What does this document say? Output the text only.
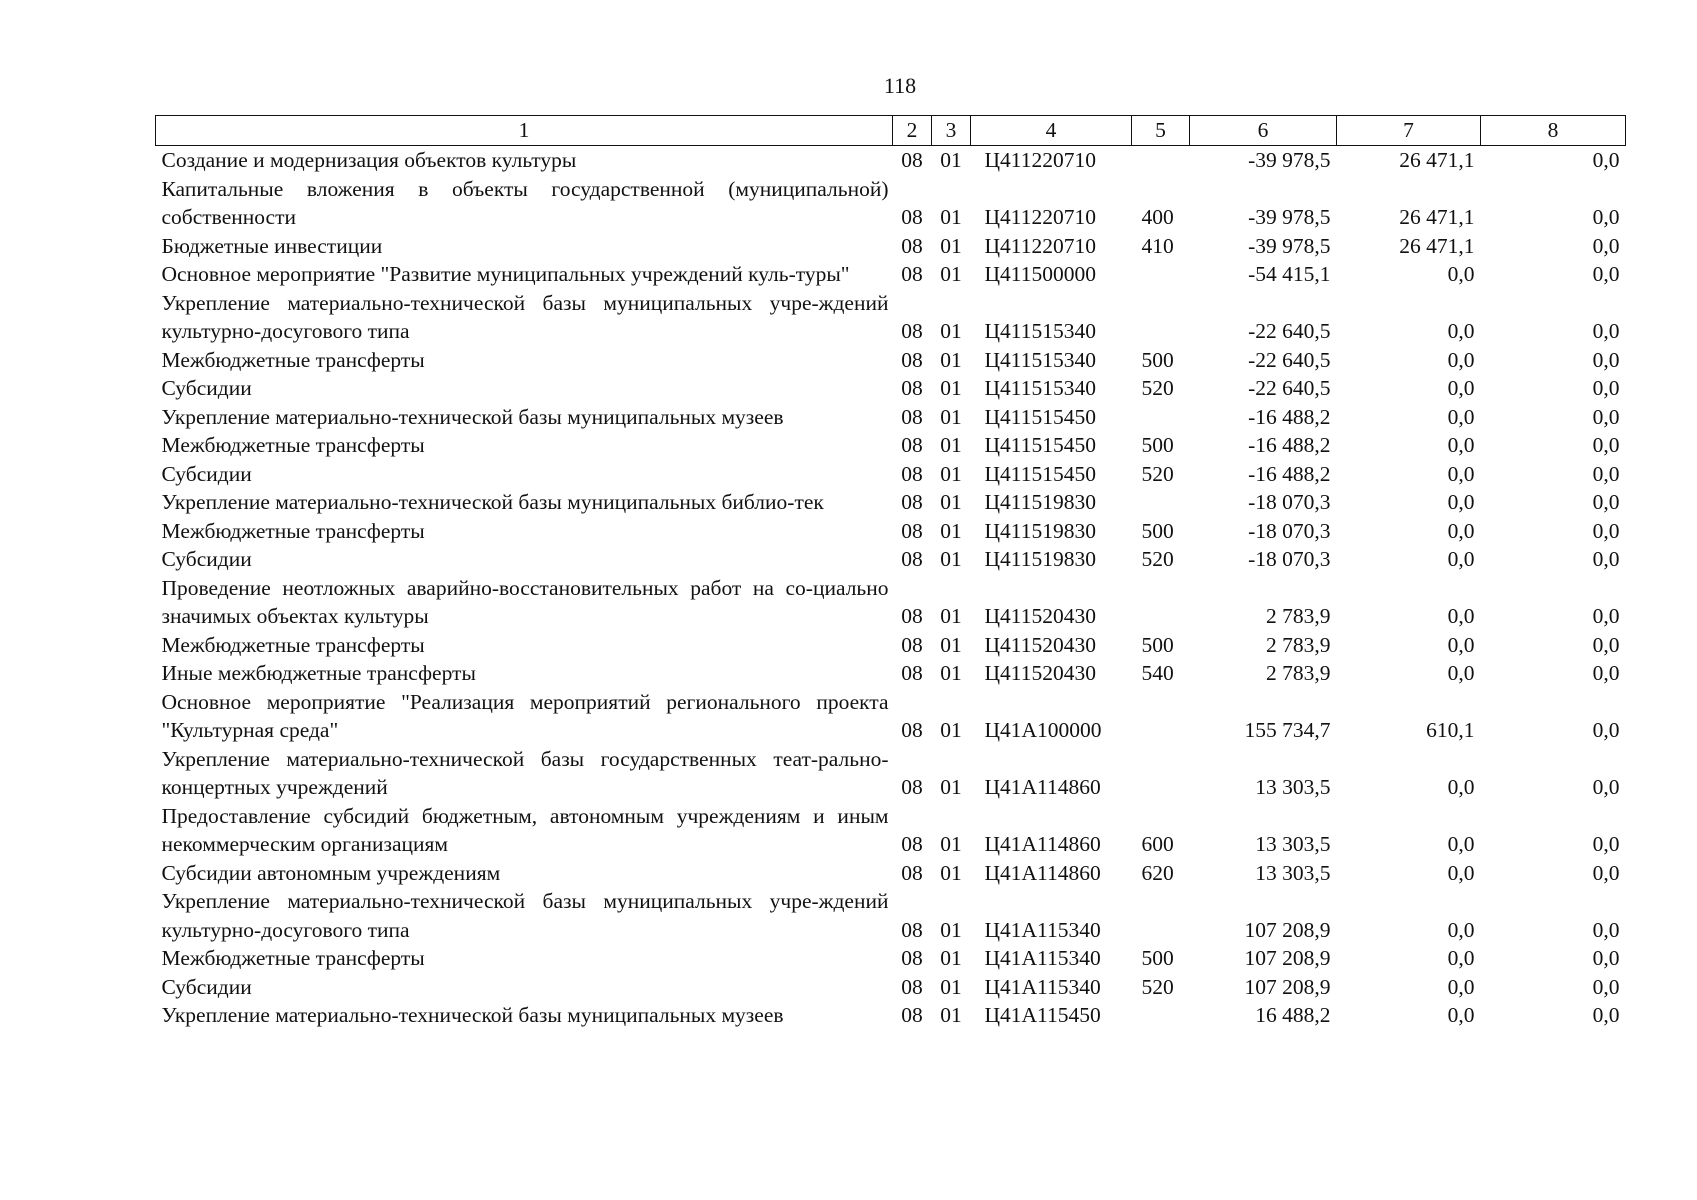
118
1	2	3	4	5	6	7	8
Создание и модернизация объектов культуры	08	01	Ц411220710		-39 978,5	26 471,1	0,0
Капитальные вложения в объекты государственной (муниципальной) собственности	08	01	Ц411220710	400	-39 978,5	26 471,1	0,0
Бюджетные инвестиции	08	01	Ц411220710	410	-39 978,5	26 471,1	0,0
Основное мероприятие "Развитие муниципальных учреждений куль-туры"	08	01	Ц411500000		-54 415,1	0,0	0,0
Укрепление материально-технической базы муниципальных учре-ждений культурно-досугового типа	08	01	Ц411515340		-22 640,5	0,0	0,0
Межбюджетные трансферты	08	01	Ц411515340	500	-22 640,5	0,0	0,0
Субсидии	08	01	Ц411515340	520	-22 640,5	0,0	0,0
Укрепление материально-технической базы муниципальных музеев	08	01	Ц411515450		-16 488,2	0,0	0,0
Межбюджетные трансферты	08	01	Ц411515450	500	-16 488,2	0,0	0,0
Субсидии	08	01	Ц411515450	520	-16 488,2	0,0	0,0
Укрепление материально-технической базы муниципальных библио-тек	08	01	Ц411519830		-18 070,3	0,0	0,0
Межбюджетные трансферты	08	01	Ц411519830	500	-18 070,3	0,0	0,0
Субсидии	08	01	Ц411519830	520	-18 070,3	0,0	0,0
Проведение неотложных аварийно-восстановительных работ на со-циально значимых объектах культуры	08	01	Ц411520430		2 783,9	0,0	0,0
Межбюджетные трансферты	08	01	Ц411520430	500	2 783,9	0,0	0,0
Иные межбюджетные трансферты	08	01	Ц411520430	540	2 783,9	0,0	0,0
Основное мероприятие "Реализация мероприятий регионального проекта "Культурная среда"	08	01	Ц41А100000		155 734,7	610,1	0,0
Укрепление материально-технической базы государственных теат-рально-концертных учреждений	08	01	Ц41А114860		13 303,5	0,0	0,0
Предоставление субсидий бюджетным, автономным учреждениям и иным некоммерческим организациям	08	01	Ц41А114860	600	13 303,5	0,0	0,0
Субсидии автономным учреждениям	08	01	Ц41А114860	620	13 303,5	0,0	0,0
Укрепление материально-технической базы муниципальных учре-ждений культурно-досугового типа	08	01	Ц41А115340		107 208,9	0,0	0,0
Межбюджетные трансферты	08	01	Ц41А115340	500	107 208,9	0,0	0,0
Субсидии	08	01	Ц41А115340	520	107 208,9	0,0	0,0
Укрепление материально-технической базы муниципальных музеев	08	01	Ц41А115450		16 488,2	0,0	0,0
